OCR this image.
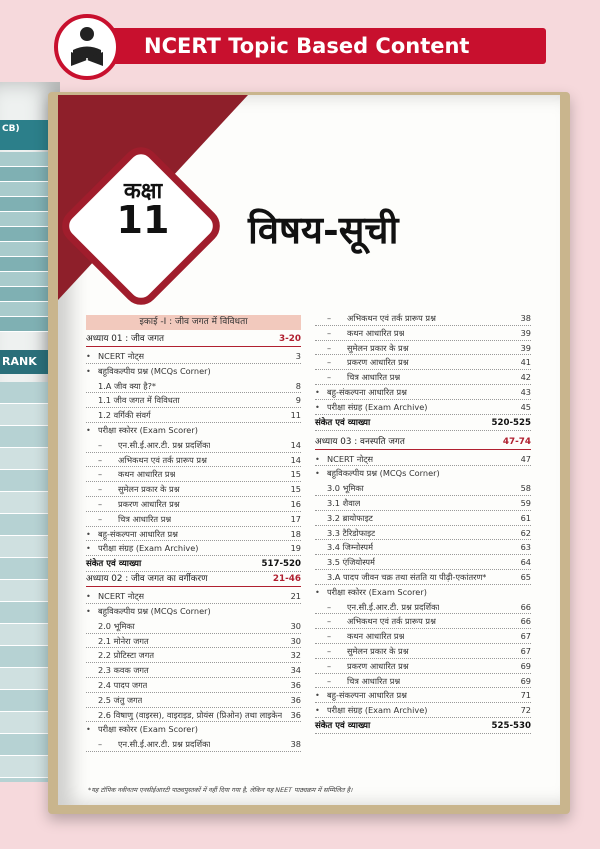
NCERT Topic Based Content
CB)
RANK
कक्षा
11	विषय-सूची
इकाई -I : जीव जगत में विविधता
अध्याय 01 : जीव जगत	3-20
• NCERT नोट्स	3
• बहुविकल्पीय प्रश्न (MCQs Corner)
1.A जीव क्या है?*	8
1.1 जीव जगत में विविधता	9
1.2 वर्गिकी संवर्ग	11
• परीक्षा स्कोरर (Exam Scorer)
– एन.सी.ई.आर.टी. प्रश्न प्रदर्शिका	14
– अभिकथन एवं तर्क प्रारूप प्रश्न	14
– कथन आधारित प्रश्न	15
– सुमेलन प्रकार के प्रश्न	15
– प्रकरण आधारित प्रश्न	16
– चित्र आधारित प्रश्न	17
• बहु-संकल्पना आधारित प्रश्न	18
• परीक्षा संग्रह (Exam Archive)	19
संकेत एवं व्याख्या	517-520
अध्याय 02 : जीव जगत का वर्गीकरण	21-46
• NCERT नोट्स	21
• बहुविकल्पीय प्रश्न (MCQs Corner)
2.0 भूमिका	30
2.1 मोनेरा जगत	30
2.2 प्रोटिस्टा जगत	32
2.3 कवक जगत	34
2.4 पादप जगत	36
2.5 जंतु जगत	36
2.6 विषाणु (वाइरस), वाइराइड, प्रोयंस (प्रिओन) तथा लाइकेन 36
• परीक्षा स्कोरर (Exam Scorer)
– एन.सी.ई.आर.टी. प्रश्न प्रदर्शिका	38
– अभिकथन एवं तर्क प्रारूप प्रश्न	38
– कथन आधारित प्रश्न	39
– सुमेलन प्रकार के प्रश्न	39
– प्रकरण आधारित प्रश्न	41
– चित्र आधारित प्रश्न	42
• बहु-संकल्पना आधारित प्रश्न	43
• परीक्षा संग्रह (Exam Archive)	45
संकेत एवं व्याख्या	520-525
अध्याय 03 : वनस्पति जगत	47-74
• NCERT नोट्स	47
• बहुविकल्पीय प्रश्न (MCQs Corner)
3.0 भूमिका	58
3.1 शैवाल	59
3.2 ब्रायोफाइट	61
3.3 टैरिडोफाइट	62
3.4 जिम्नोस्पर्म	63
3.5 एंजियोस्पर्म	64
3.A पादप जीवन चक्र तथा संतति या पीढ़ी-एकांतरण*	65
• परीक्षा स्कोरर (Exam Scorer)
– एन.सी.ई.आर.टी. प्रश्न प्रदर्शिका	66
– अभिकथन एवं तर्क प्रारूप प्रश्न	66
– कथन आधारित प्रश्न	67
– सुमेलन प्रकार के प्रश्न	67
– प्रकरण आधारित प्रश्न	69
– चित्र आधारित प्रश्न	69
• बहु-संकल्पना आधारित प्रश्न	71
• परीक्षा संग्रह (Exam Archive)	72
संकेत एवं व्याख्या	525-530
*यह टॉपिक नवीनतम एनसीईआरटी पाठ्यपुस्तकों में नहीं दिया गया है, लेकिन यह NEET पाठ्यक्रम में सम्मिलित है।
